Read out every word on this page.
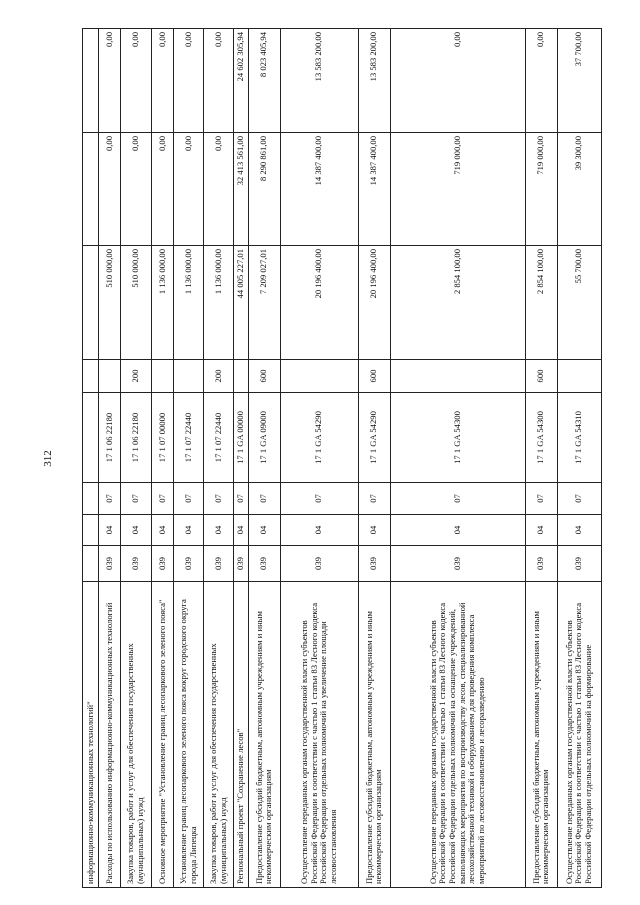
312
информационно-коммуникационных технологий"								
Расходы по использованию информационно-коммуникационных технологий	039	04	07	17 1 06 22180		510 000,00	0,00	0,00
Закупка товаров, работ и услуг для обеспечения государственных (муниципальных) нужд	039	04	07	17 1 06 22180	200	510 000,00	0,00	0,00
Основное мероприятие "Установление границ лесопаркового зеленого пояса"	039	04	07	17 1 07 00000		1 136 000,00	0,00	0,00
Установление границ лесопаркового зеленого пояса вокруг городского округа города Липецка	039	04	07	17 1 07 22440		1 136 000,00	0,00	0,00
Закупка товаров, работ и услуг для обеспечения государственных (муниципальных) нужд	039	04	07	17 1 07 22440	200	1 136 000,00	0,00	0,00
Региональный проект "Сохранение лесов"	039	04	07	17 1 GA 00000		44 005 227,01	32 413 561,00	24 602 305,94
Предоставление субсидий бюджетным, автономным учреждениям и иным некоммерческим организациям	039	04	07	17 1 GA 09000	600	7 209 027,01	8 290 861,00	8 023 405,94
Осуществление переданных органам государственной власти субъектов Российской Федерации в соответствии с частью 1 статьи 83 Лесного кодекса Российской Федерации отдельных полномочий на увеличение площади лесовосстановления	039	04	07	17 1 GA 54290		20 196 400,00	14 387 400,00	13 583 200,00
Предоставление субсидий бюджетным, автономным учреждениям и иным некоммерческим организациям	039	04	07	17 1 GA 54290	600	20 196 400,00	14 387 400,00	13 583 200,00
Осуществление переданных органам государственной власти субъектов Российской Федерации в соответствии с частью 1 статьи 83 Лесного кодекса Российской Федерации отдельных полномочий на оснащение учреждений, выполняющих мероприятия по воспроизводству лесов, специализированной лесохозяйственной техникой и оборудованием для проведения комплекса мероприятий по лесовосстановлению и лесоразведению	039	04	07	17 1 GA 54300		2 854 100,00	719 000,00	0,00
Предоставление субсидий бюджетным, автономным учреждениям и иным некоммерческим организациям	039	04	07	17 1 GA 54300	600	2 854 100,00	719 000,00	0,00
Осуществление переданных органам государственной власти субъектов Российской Федерации в соответствии с частью 1 статьи 83 Лесного кодекса Российской Федерации отдельных полномочий на формирование	039	04	07	17 1 GA 54310		55 700,00	39 300,00	37 700,00
